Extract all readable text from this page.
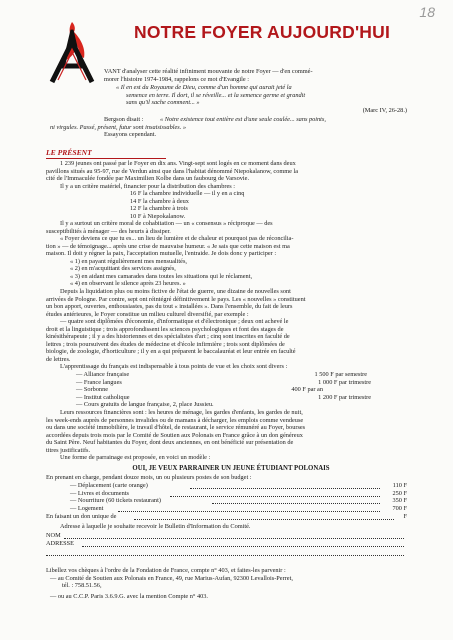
18
NOTRE FOYER AUJOURD'HUI
VANT d'analyser cette réalité infiniment mouvante de notre Foyer — d'en commé-
morer l'histoire 1974-1984, rappelons ce mot d'Evangile :
« Il en est du Royaume de Dieu, comme d'un homme qui aurait jeté la
semence en terre. Il dort, il se réveille... et la semence germe et grandit
sans qu'il sache comment... »
(Marc IV, 26-28.)
Bergson disait :	« Notre existence tout entière est d'une seule coulée... sans points,
ni virgules. Passé, présent, futur sont insaisissables. »
Essayons cependant.
LE PRÉSENT
1 239 jeunes ont passé par le Foyer en dix ans. Vingt-sept sont logés en ce moment dans deux
pavillons situés au 95-97, rue de Verdun ainsi que dans l'habitat dénommé Niepokalanow, comme la
cité de l'Immaculée fondée par Maximilien Kolbe dans un faubourg de Varsovie.
Il y a un critère matériel, financier pour la distribution des chambres :
16 F la chambre individuelle — il y en a cinq
14 F la chambre à deux
12 F la chambre à trois
10 F à Niepokalanow.
Il y a surtout un critère moral de cohabitation — un « consensus » réciproque — des
susceptibilités à ménager — des heurts à dissiper.
« Foyer deviens ce que tu es... un lieu de lumière et de chaleur et pourquoi pas de réconcilia-
tion » — de témoignage... après une crise de mauvaise humeur. « Je sais que cette maison est ma
maison. Il doit y régner la paix, l'acceptation mutuelle, l'entraide. Je dois donc y participer :
« 1) en payant régulièrement mes mensualités,
« 2) en m'acquittant des services assignés,
« 3) en aidant mes camarades dans toutes les situations qui le réclament,
« 4) en observant le silence après 23 heures. »
Depuis la liquidation plus ou moins fictive de l'état de guerre, une dizaine de nouvelles sont
arrivées de Pologne. Par contre, sept ont réintégré définitivement le pays. Les « nouvelles » constituent
un bon apport, ouvertes, enthousiastes, pas du tout « installées ». Dans l'ensemble, du fait de leurs
études antérieures, le Foyer constitue un milieu culturel diversifié, par exemple :
— quatre sont diplômées d'économie, d'informatique et d'électronique ; deux ont achevé le
droit et la linguistique ; trois approfondissent les sciences psychologiques et font des stages de
kinésithérapeute ; il y a des historiennes et des spécialistes d'art ; cinq sont inscrites en faculté de
lettres ; trois poursuivent des études de médecine et d'école infirmière ; trois sont diplômées de
biologie, de zoologie, d'horticulture ; il y en a qui préparent le baccalauréat et leur entrée en faculté
de lettres.
L'apprentissage du français est indispensable à tous points de vue et les choix sont divers :
— Alliance française	1 500 F par semestre
— France langues	1 000 F par trimestre
— Sorbonne	400 F par an
— Institut catholique	1 200 F par trimestre
— Cours gratuits de langue française, 2, place Jussieu.
Leurs ressources financières sont : les heures de ménage, les gardes d'enfants, les gardes de nuit,
les week-ends auprès de personnes invalides ou de mamans à décharger, les emplois comme vendeuse
ou dans une société immobilière, le travail d'hôtel, de restaurant, le service rémunéré au Foyer, bourses
accordées depuis trois mois par le Comité de Soutien aux Polonais en France grâce à un don généreux
du Saint Père. Neuf habitantes du Foyer, dont deux anciennes, en ont bénéficié sur présentation de
titres justificatifs.
Une forme de parrainage est proposée, en voici un modèle :
OUI, JE VEUX PARRAINER UN JEUNE ÉTUDIANT POLONAIS
En prenant en charge, pendant douze mois, un ou plusieurs postes de son budget :
— Déplacement (carte orange)	110 F
— Livres et documents	250 F
— Nourriture (60 tickets restaurant)	350 F
— Logement	700 F
En faisant un don unique de	F
Adresse à laquelle je souhaite recevoir le Bulletin d'Information du Comité.
NOM
ADRESSE
Libellez vos chèques à l'ordre de la Fondation de France, compte n° 403, et faites-les parvenir :
— au Comité de Soutien aux Polonais en France, 49, rue Marius-Aufan, 92300 Levallois-Perret,
tél. : 758.51.56,
— ou au C.C.P. Paris 3.6.9.G. avec la mention Compte n° 403.
